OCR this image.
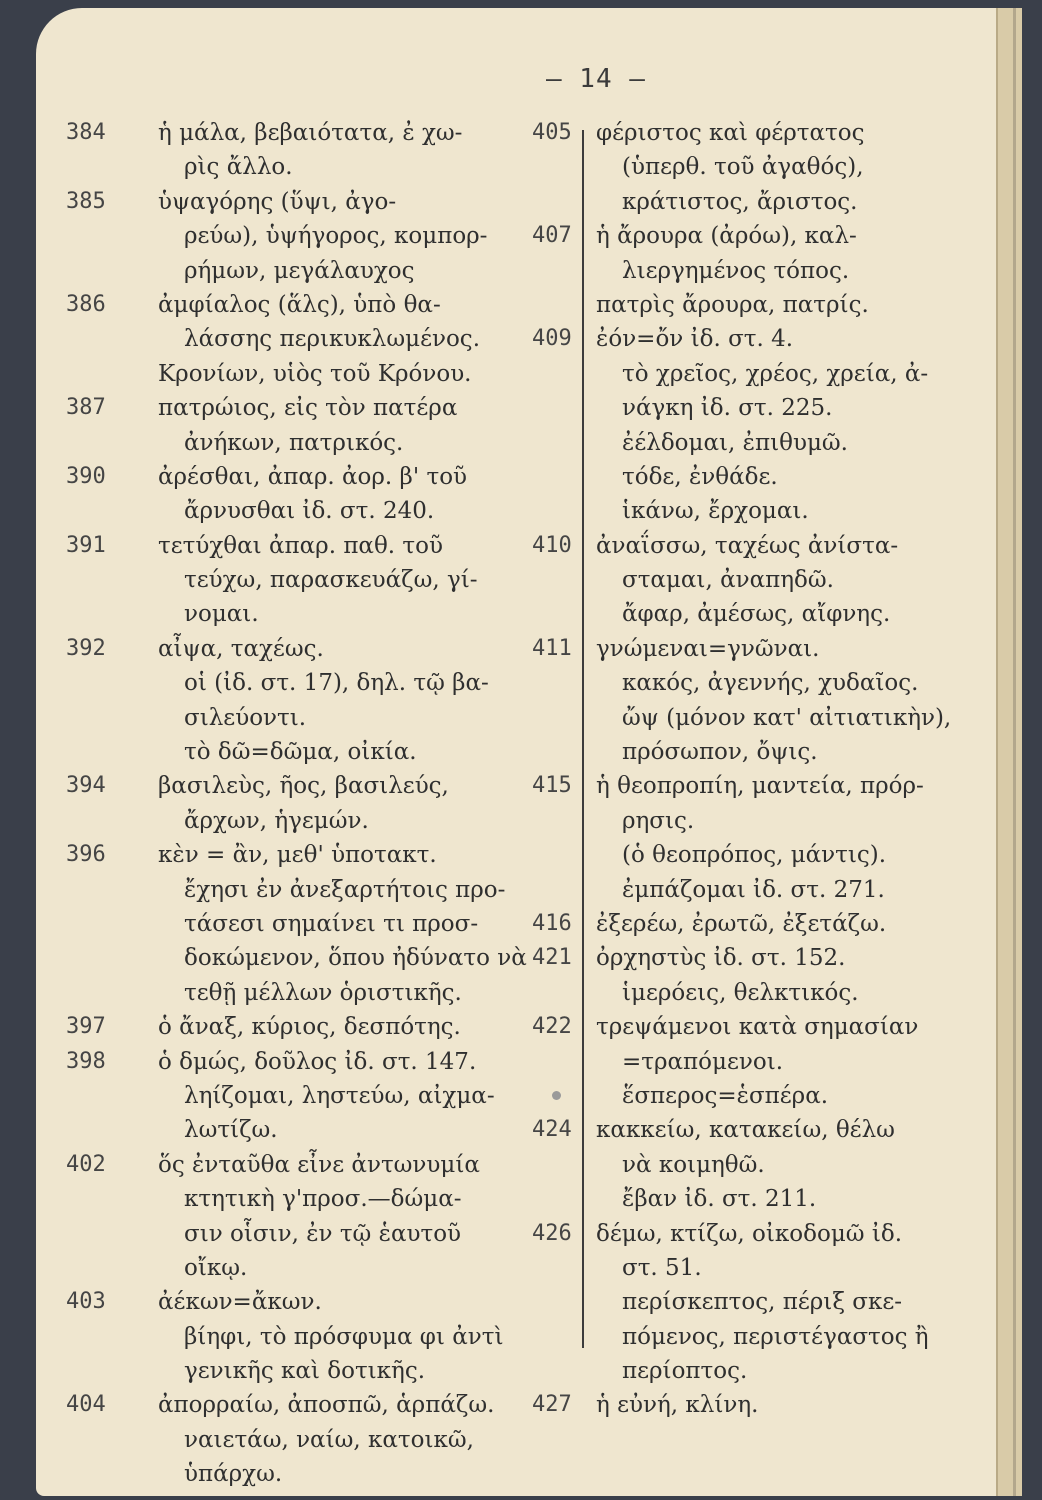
— 14 —
384	ἡ μάλα, βεβαιότατα, ἐ χω-
ρὶς ἄλλο.
385	ὑψαγόρης (ὕψι, ἀγο-
ρεύω), ὑψήγορος, κομπορ-
ρήμων, μεγάλαυχος
386	ἀμφίαλος (ἅλς), ὑπὸ θα-
λάσσης περικυκλωμένος.
Κρονίων, υἱὸς τοῦ Κρόνου.
387	πατρώιος, εἰς τὸν πατέρα
ἀνήκων, πατρικός.
390	ἀρέσθαι, ἀπαρ. ἀορ. β' τοῦ
ἄρνυσθαι ἰδ. στ. 240.
391	τετύχθαι ἀπαρ. παθ. τοῦ
τεύχω, παρασκευάζω, γί-
νομαι.
392	αἶψα, ταχέως.
οἱ (ἰδ. στ. 17), δηλ. τῷ βα-
σιλεύοντι.
τὸ δῶ=δῶμα, οἰκία.
394	βασιλεὺς, ῆος, βασιλεύς,
ἄρχων, ἡγεμών.
396	κὲν = ἂν, μεθ' ὑποτακτ.
ἔχησι ἐν ἀνεξαρτήτοις προ-
τάσεσι σημαίνει τι προσ-
δοκώμενον, ὅπου ἠδύνατο νὰ
τεθῇ μέλλων ὁριστικῆς.
397	ὁ ἄναξ, κύριος, δεσπότης.
398	ὁ δμώς, δοῦλος ἰδ. στ. 147.
ληίζομαι, ληστεύω, αἰχμα-
λωτίζω.
402	ὅς ἐνταῦθα εἶνε ἀντωνυμία
κτητικὴ γ'προσ.—δώμα-
σιν οἷσιν, ἐν τῷ ἑαυτοῦ
οἴκῳ.
403	ἀέκων=ἄκων.
βίηφι, τὸ πρόσφυμα φι ἀντὶ
γενικῆς καὶ δοτικῆς.
404	ἀπορραίω, ἀποσπῶ, ἁρπάζω.
ναιετάω, ναίω, κατοικῶ,
ὑπάρχω.
405	φέριστος καὶ φέρτατος
(ὑπερθ. τοῦ ἀγαθός),
κράτιστος, ἄριστος.
407	ἡ ἄρουρα (ἀρόω), καλ-
λιεργημένος τόπος.
πατρὶς ἄρουρα, πατρίς.
409	ἐόν=ὄν ἰδ. στ. 4.
τὸ χρεῖος, χρέος, χρεία, ἀ-
νάγκη ἰδ. στ. 225.
ἐέλδομαι, ἐπιθυμῶ.
τόδε, ἐνθάδε.
ἱκάνω, ἔρχομαι.
410	ἀναΐσσω, ταχέως ἀνίστα-
σταμαι, ἀναπηδῶ.
ἄφαρ, ἀμέσως, αἴφνης.
411	γνώμεναι=γνῶναι.
κακός, ἀγεννής, χυδαῖος.
ὤψ (μόνον κατ' αἰτιατικὴν),
πρόσωπον, ὄψις.
415	ἡ θεοπροπίη, μαντεία, πρόρ-
ρησις.
(ὁ θεοπρόπος, μάντις).
ἐμπάζομαι ἰδ. στ. 271.
416	ἐξερέω, ἐρωτῶ, ἐξετάζω.
421	ὀρχηστὺς ἰδ. στ. 152.
ἱμερόεις, θελκτικός.
422	τρεψάμενοι κατὰ σημασίαν
=τραπόμενοι.
ἕσπερος=ἑσπέρα.
424	κακκείω, κατακείω, θέλω
νὰ κοιμηθῶ.
ἔβαν ἰδ. στ. 211.
426	δέμω, κτίζω, οἰκοδομῶ ἰδ.
στ. 51.
περίσκεπτος, πέριξ σκε-
πόμενος, περιστέγαστος ἢ
περίοπτος.
427	ἡ εὐνή, κλίνη.
